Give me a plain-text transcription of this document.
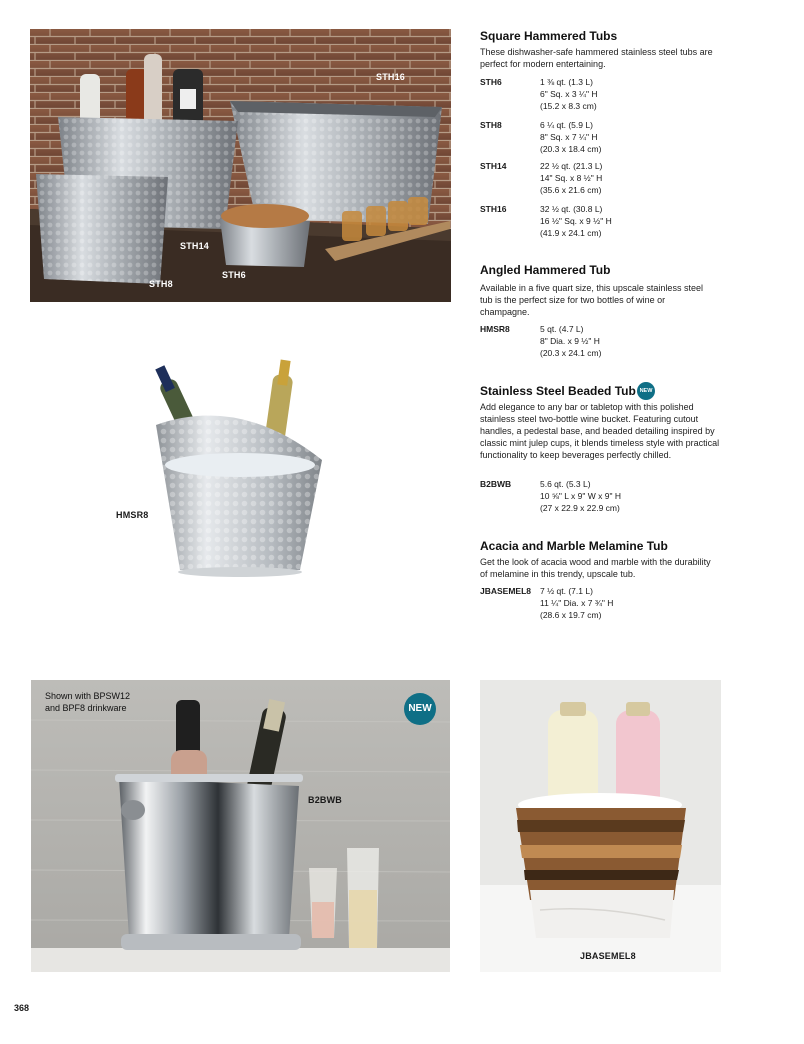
STH16
STH14
STH6
STH8
HMSR8
Shown with BPSW12
and BPF8 drinkware	NEW
B2BWB
JBASEMEL8
Square Hammered Tubs

These dishwasher-safe hammered stainless steel tubs are perfect for modern entertaining.

STH6	1 ⅜ qt. (1.3 L)
6" Sq. x 3 ¼" H
(15.2 x 8.3 cm)
STH8	6 ¼ qt. (5.9 L)
8" Sq. x 7 ¼" H
(20.3 x 18.4 cm)
STH14	22 ½ qt. (21.3 L)
14" Sq. x 8 ½" H
(35.6 x 21.6 cm)
STH16	32 ½ qt. (30.8 L)
16 ½" Sq. x 9 ½" H
(41.9 x 24.1 cm)
Angled Hammered Tub

Available in a five quart size, this upscale stainless steel tub is the perfect size for two bottles of wine or champagne.

HMSR8	5 qt. (4.7 L)
8" Dia. x 9 ½" H
(20.3 x 24.1 cm)
Stainless Steel Beaded Tub NEW

Add elegance to any bar or tabletop with this polished stainless steel two-bottle wine bucket. Featuring cutout handles, a pedestal base, and beaded detailing inspired by classic mint julep cups, it blends timeless style with practical functionality to keep beverages perfectly chilled.

B2BWB	5.6 qt. (5.3 L)
10 ⅝" L x 9" W x 9" H
(27 x 22.9 x 22.9 cm)
Acacia and Marble Melamine Tub

Get the look of acacia wood and marble with the durability of melamine in this trendy, upscale tub.

JBASEMEL8	7 ½ qt. (7.1 L)
11 ¼" Dia. x 7 ¾" H
(28.6 x 19.7 cm)
368
